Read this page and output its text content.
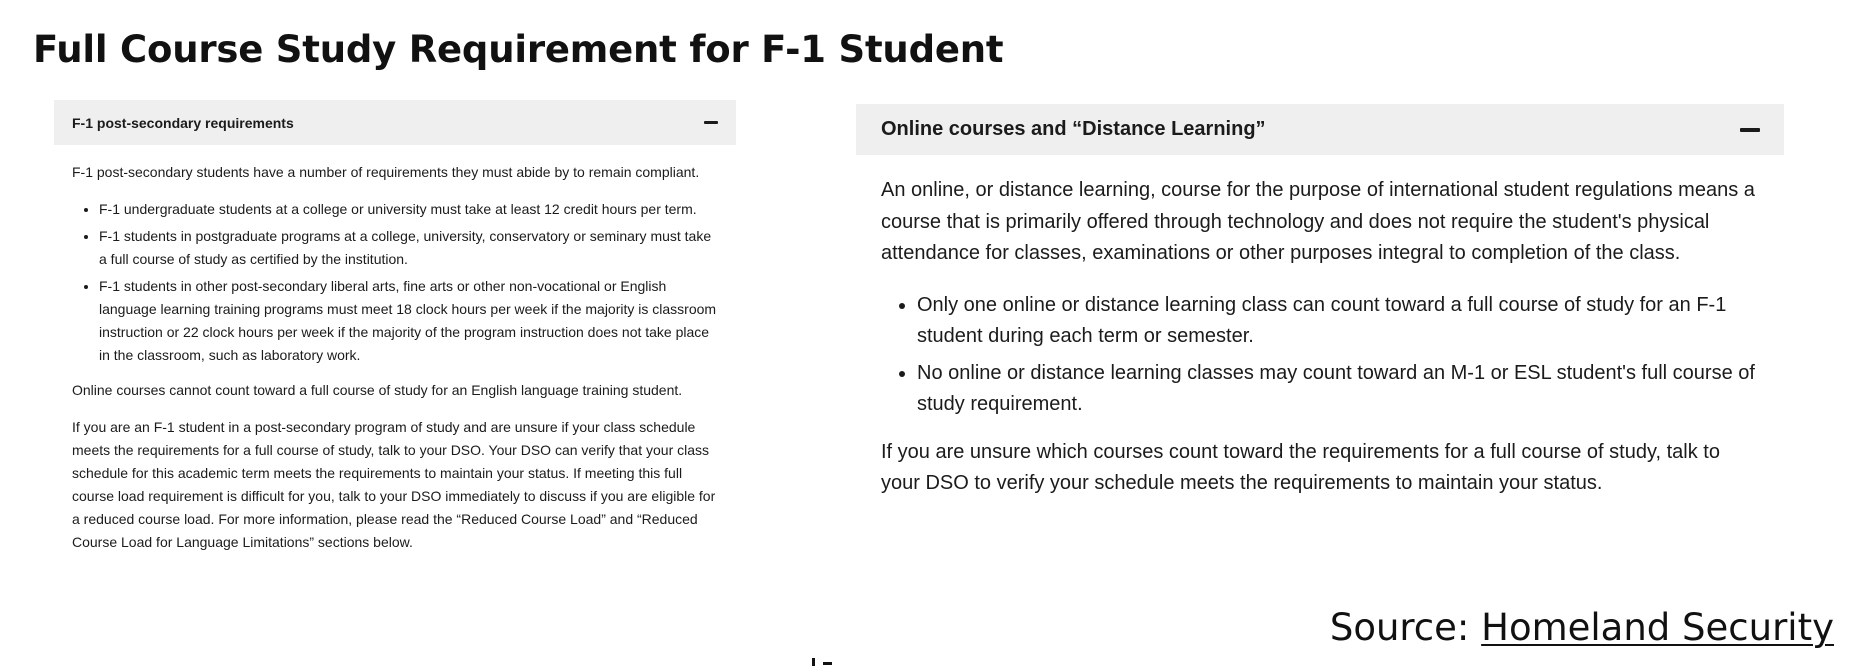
Full Course Study Requirement for F-1 Student
F-1 post-secondary requirements

F-1 post-secondary students have a number of requirements they must abide by to remain compliant.

• F-1 undergraduate students at a college or university must take at least 12 credit hours per term.
• F-1 students in postgraduate programs at a college, university, conservatory or seminary must take a full course of study as certified by the institution.
• F-1 students in other post-secondary liberal arts, fine arts or other non-vocational or English language learning training programs must meet 18 clock hours per week if the majority is classroom instruction or 22 clock hours per week if the majority of the program instruction does not take place in the classroom, such as laboratory work.

Online courses cannot count toward a full course of study for an English language training student.

If you are an F-1 student in a post-secondary program of study and are unsure if your class schedule meets the requirements for a full course of study, talk to your DSO. Your DSO can verify that your class schedule for this academic term meets the requirements to maintain your status. If meeting this full course load requirement is difficult for you, talk to your DSO immediately to discuss if you are eligible for a reduced course load. For more information, please read the “Reduced Course Load” and “Reduced Course Load for Language Limitations” sections below.

Online courses and “Distance Learning”

An online, or distance learning, course for the purpose of international student regulations means a course that is primarily offered through technology and does not require the student's physical attendance for classes, examinations or other purposes integral to completion of the class.

• Only one online or distance learning class can count toward a full course of study for an F-1 student during each term or semester.
• No online or distance learning classes may count toward an M-1 or ESL student's full course of study requirement.

If you are unsure which courses count toward the requirements for a full course of study, talk to your DSO to verify your schedule meets the requirements to maintain your status.

Source: Homeland Security
